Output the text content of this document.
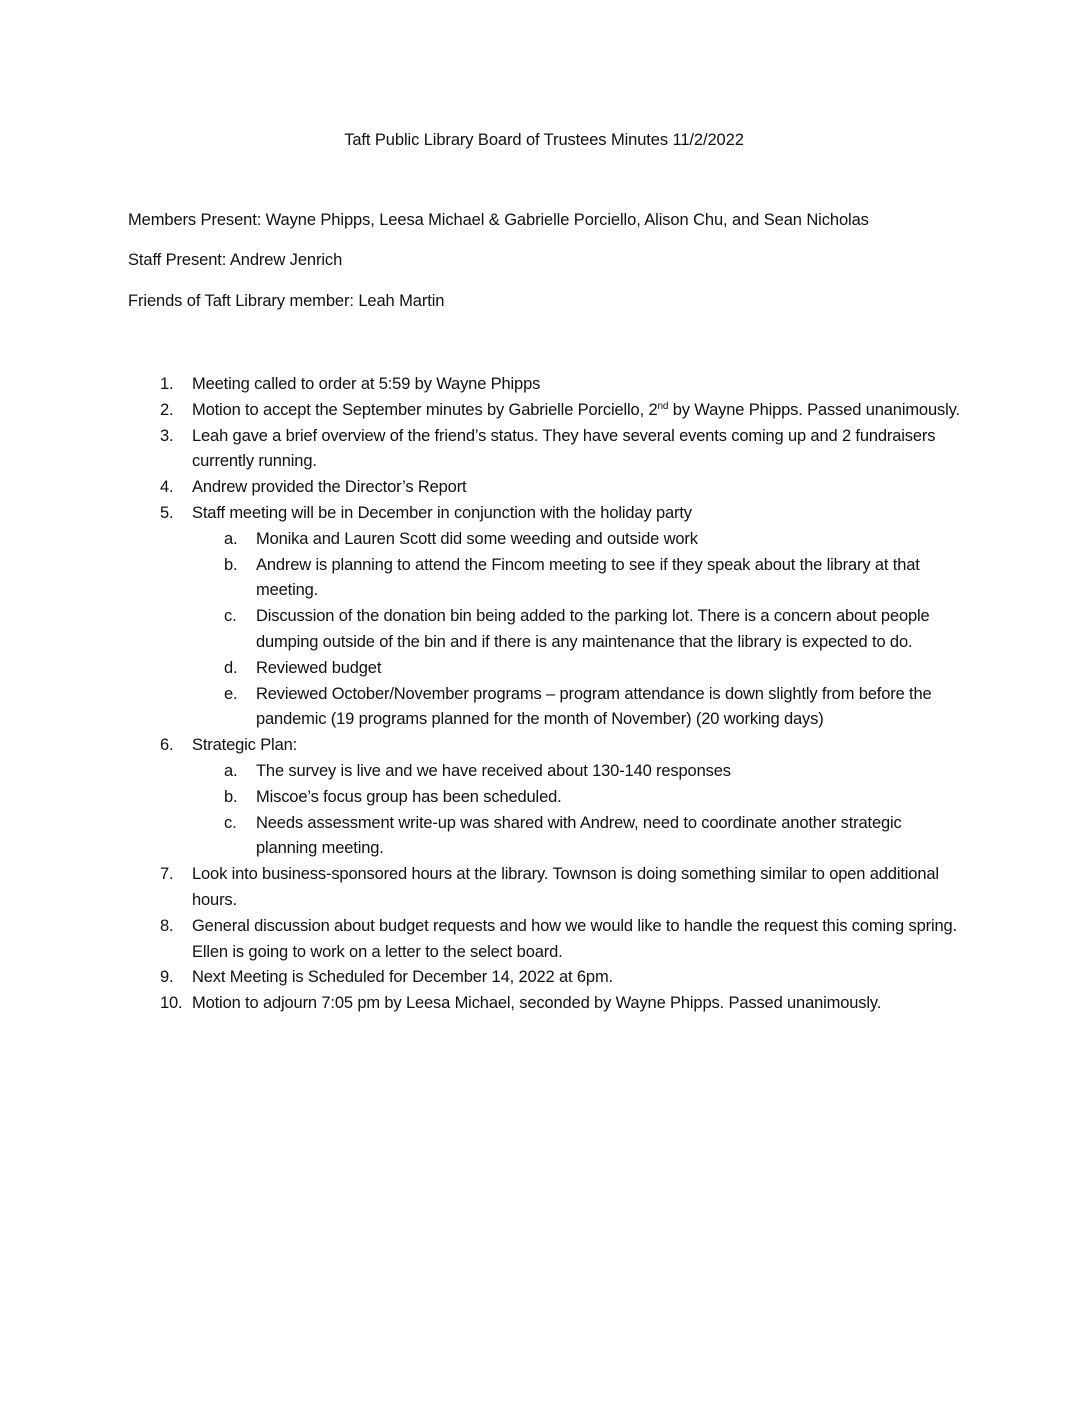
Taft Public Library Board of Trustees Minutes 11/2/2022
Members Present: Wayne Phipps, Leesa Michael & Gabrielle Porciello, Alison Chu, and Sean Nicholas
Staff Present: Andrew Jenrich
Friends of Taft Library member: Leah Martin
1.	Meeting called to order at 5:59 by Wayne Phipps
2.	Motion to accept the September minutes by Gabrielle Porciello, 2nd by Wayne Phipps. Passed unanimously.
3.	Leah gave a brief overview of the friend’s status. They have several events coming up and 2 fundraisers currently running.
4.	Andrew provided the Director’s Report
5.	Staff meeting will be in December in conjunction with the holiday party
a.	Monika and Lauren Scott did some weeding and outside work
b.	Andrew is planning to attend the Fincom meeting to see if they speak about the library at that meeting.
c.	Discussion of the donation bin being added to the parking lot. There is a concern about people dumping outside of the bin and if there is any maintenance that the library is expected to do.
d.	Reviewed budget
e.	Reviewed October/November programs – program attendance is down slightly from before the pandemic (19 programs planned for the month of November) (20 working days)
6.	Strategic Plan:
a.	The survey is live and we have received about 130-140 responses
b.	Miscoe’s focus group has been scheduled.
c.	Needs assessment write-up was shared with Andrew, need to coordinate another strategic planning meeting.
7.	Look into business-sponsored hours at the library. Townson is doing something similar to open additional hours.
8.	General discussion about budget requests and how we would like to handle the request this coming spring. Ellen is going to work on a letter to the select board.
9.	Next Meeting is Scheduled for December 14, 2022 at 6pm.
10. Motion to adjourn 7:05 pm by Leesa Michael, seconded by Wayne Phipps. Passed unanimously.
